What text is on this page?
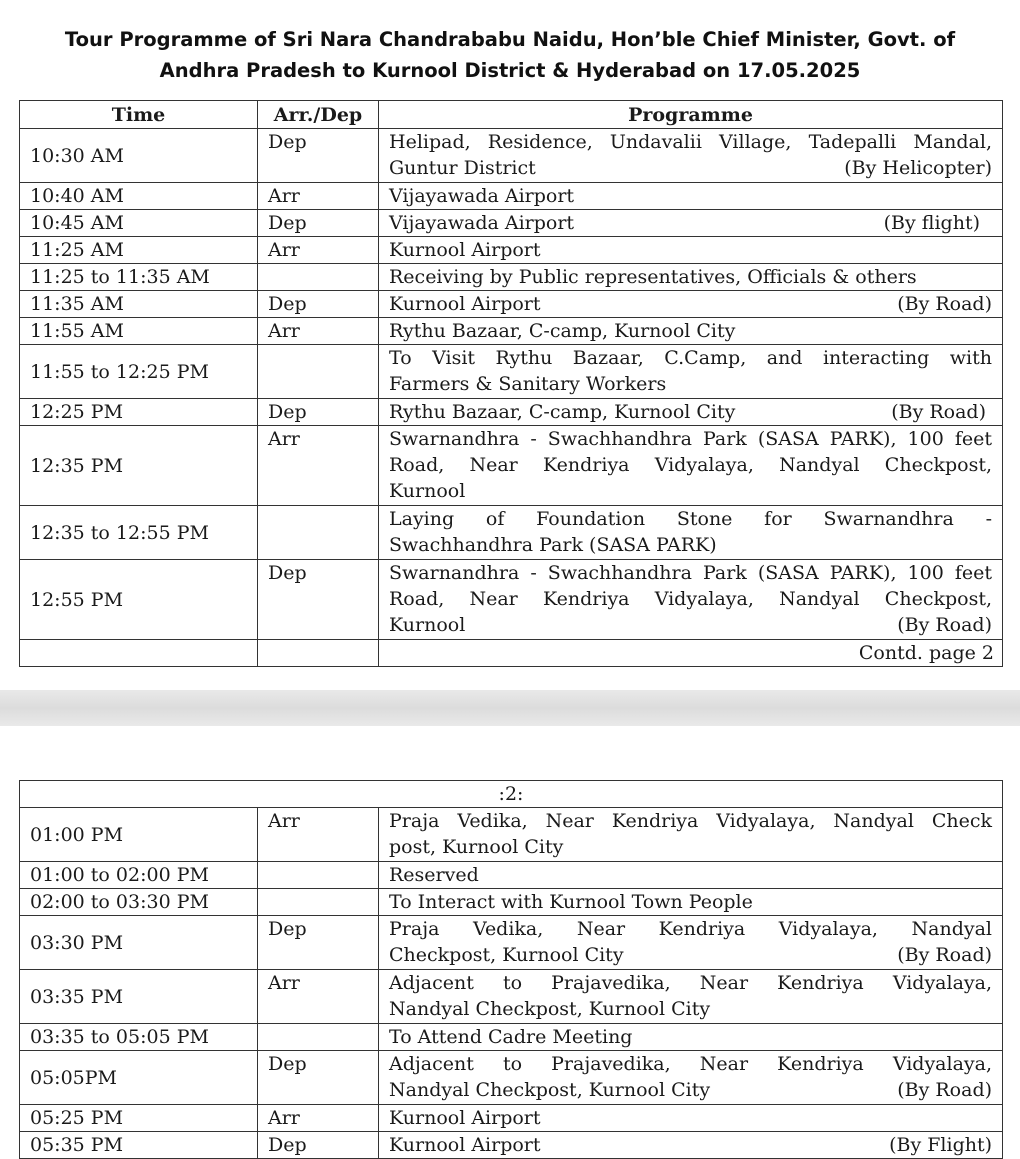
Tour Programme of Sri Nara Chandrababu Naidu, Hon’ble Chief Minister, Govt. of
Andhra Pradesh to Kurnool District & Hyderabad on 17.05.2025
Time	Arr./Dep	Programme
10:30 AM	Dep	Helipad, Residence, Undavalii Village, Tadepalli Mandal,
Guntur District (By Helicopter)

10:40 AM	Arr	Vijayawada Airport

10:45 AM	Dep	Vijayawada Airport (By flight)

11:25 AM	Arr	Kurnool Airport

11:25 to 11:35 AM		Receiving by Public representatives, Officials & others

11:35 AM	Dep	Kurnool Airport (By Road)

11:55 AM	Arr	Rythu Bazaar, C-camp, Kurnool City

11:55 to 12:25 PM		To Visit Rythu Bazaar, C.Camp, and interacting with
Farmers & Sanitary Workers

12:25 PM	Dep	Rythu Bazaar, C-camp, Kurnool City (By Road)

12:35 PM	Arr	Swarnandhra - Swachhandhra Park (SASA PARK), 100 feet
Road, Near Kendriya Vidyalaya, Nandyal Checkpost,
Kurnool

12:35 to 12:55 PM		Laying of Foundation Stone for Swarnandhra -
Swachhandhra Park (SASA PARK)

12:55 PM	Dep	Swarnandhra - Swachhandhra Park (SASA PARK), 100 feet
Road, Near Kendriya Vidyalaya, Nandyal Checkpost,
Kurnool (By Road)

		Contd. page 2
:2:		
01:00 PM	Arr	Praja Vedika, Near Kendriya Vidyalaya, Nandyal Check
post, Kurnool City

01:00 to 02:00 PM		Reserved

02:00 to 03:30 PM		To Interact with Kurnool Town People

03:30 PM	Dep	Praja Vedika, Near Kendriya Vidyalaya, Nandyal
Checkpost, Kurnool City (By Road)

03:35 PM	Arr	Adjacent to Prajavedika, Near Kendriya Vidyalaya,
Nandyal Checkpost, Kurnool City

03:35 to 05:05 PM		To Attend Cadre Meeting

05:05PM	Dep	Adjacent to Prajavedika, Near Kendriya Vidyalaya,
Nandyal Checkpost, Kurnool City (By Road)

05:25 PM	Arr	Kurnool Airport

05:35 PM	Dep	Kurnool Airport (By Flight)
